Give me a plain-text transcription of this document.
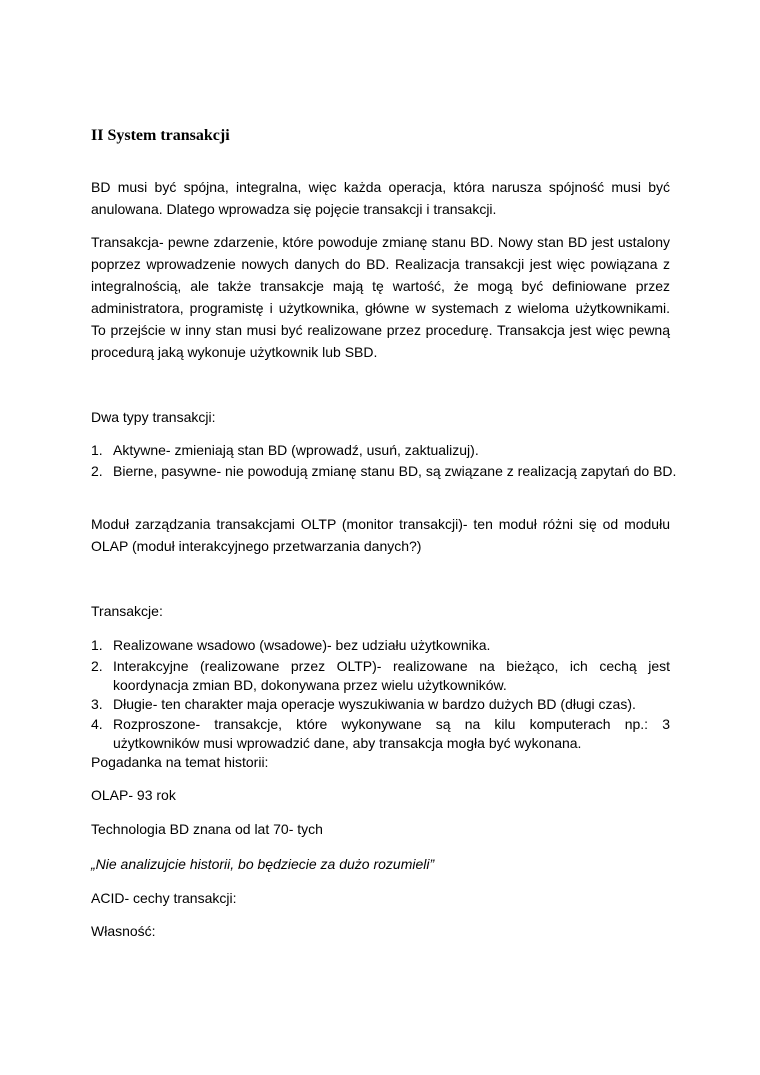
II System transakcji
BD musi być spójna, integralna, więc każda operacja, która narusza spójność musi być
anulowana. Dlatego wprowadza się pojęcie transakcji i transakcji.
Transakcja- pewne zdarzenie, które powoduje zmianę stanu BD. Nowy stan BD jest ustalony
poprzez wprowadzenie nowych danych do BD. Realizacja transakcji jest więc powiązana z
integralnością, ale także transakcje mają tę wartość, że mogą być definiowane przez
administratora, programistę i użytkownika, główne w systemach z wieloma użytkownikami.
To przejście w inny stan musi być realizowane przez procedurę. Transakcja jest więc pewną
procedurą jaką wykonuje użytkownik lub SBD.
Dwa typy transakcji:
1. Aktywne- zmieniają stan BD (wprowadź, usuń, zaktualizuj).
2. Bierne, pasywne- nie powodują zmianę stanu BD, są związane z realizacją zapytań do BD.
Moduł zarządzania transakcjami OLTP (monitor transakcji)- ten moduł różni się od modułu
OLAP (moduł interakcyjnego przetwarzania danych?)
Transakcje:
1. Realizowane wsadowo (wsadowe)- bez udziału użytkownika.
2. Interakcyjne (realizowane przez OLTP)- realizowane na bieżąco, ich cechą jest
koordynacja zmian BD, dokonywana przez wielu użytkowników.
3. Długie- ten charakter maja operacje wyszukiwania w bardzo dużych BD (długi czas).
4. Rozproszone- transakcje, które wykonywane są na kilu komputerach np.: 3
użytkowników musi wprowadzić dane, aby transakcja mogła być wykonana.
Pogadanka na temat historii:
OLAP- 93 rok
Technologia BD znana od lat 70- tych
„Nie analizujcie historii, bo będziecie za dużo rozumieli”
ACID- cechy transakcji:
Własność:
